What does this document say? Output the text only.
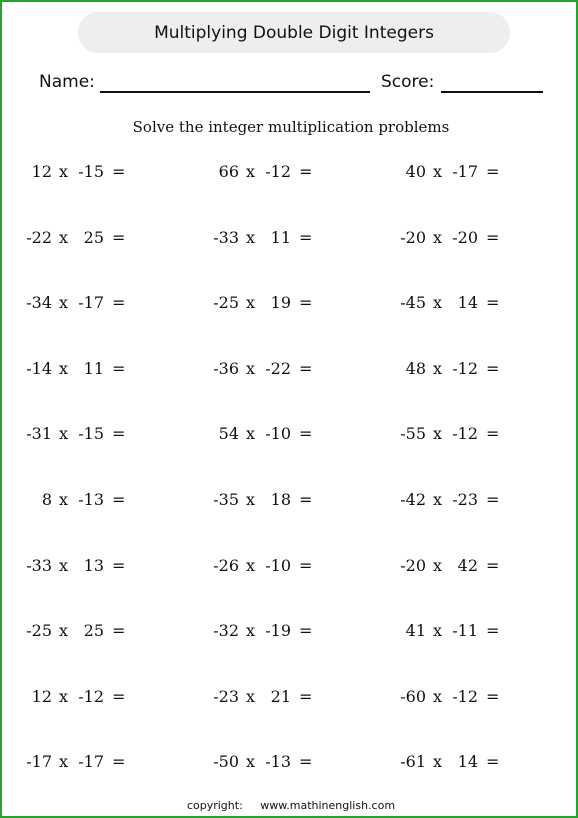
Multiplying Double Digit Integers
Name:	Score:
Solve the integer multiplication problems
12 x -15 =	66 x -12 =	40 x -17 =
-22 x 25 =	-33 x 11 =	-20 x -20 =
-34 x -17 =	-25 x 19 =	-45 x 14 =
-14 x 11 =	-36 x -22 =	48 x -12 =
-31 x -15 =	54 x -10 =	-55 x -12 =
8 x -13 =	-35 x 18 =	-42 x -23 =
-33 x 13 =	-26 x -10 =	-20 x 42 =
-25 x 25 =	-32 x -19 =	41 x -11 =
12 x -12 =	-23 x 21 =	-60 x -12 =
-17 x -17 =	-50 x -13 =	-61 x 14 =
copyright: www.mathinenglish.com
